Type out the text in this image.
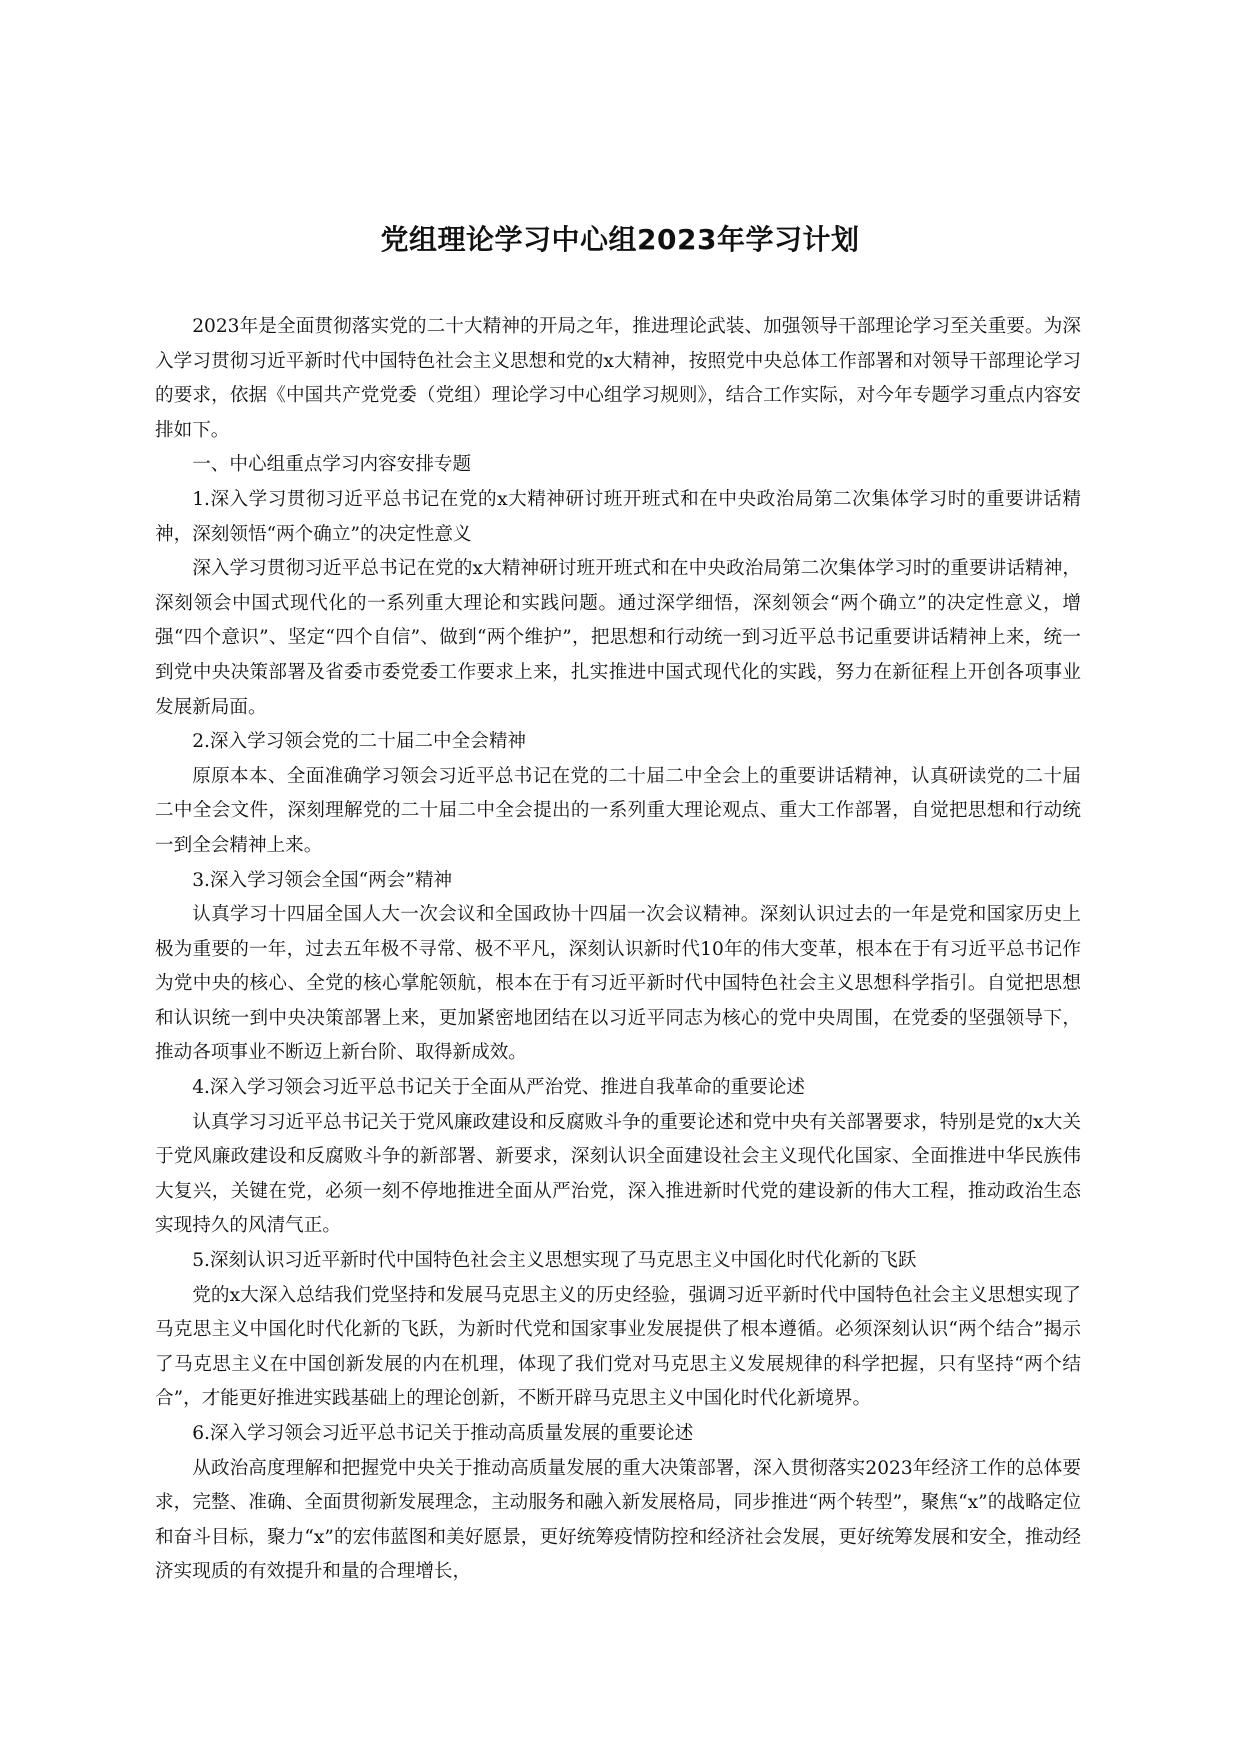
党组理论学习中心组2023年学习计划

2023年是全面贯彻落实党的二十大精神的开局之年，推进理论武装、加强领导干部理论学习至关重要。为深入学习贯彻习近平新时代中国特色社会主义思想和党的x大精神，按照党中央总体工作部署和对领导干部理论学习的要求，依据《中国共产党党委（党组）理论学习中心组学习规则》，结合工作实际，对今年专题学习重点内容安排如下。

一、中心组重点学习内容安排专题

1.深入学习贯彻习近平总书记在党的x大精神研讨班开班式和在中央政治局第二次集体学习时的重要讲话精神，深刻领悟“两个确立”的决定性意义

深入学习贯彻习近平总书记在党的x大精神研讨班开班式和在中央政治局第二次集体学习时的重要讲话精神，深刻领会中国式现代化的一系列重大理论和实践问题。通过深学细悟，深刻领会“两个确立”的决定性意义，增强“四个意识”、坚定“四个自信”、做到“两个维护”，把思想和行动统一到习近平总书记重要讲话精神上来，统一到党中央决策部署及省委市委党委工作要求上来，扎实推进中国式现代化的实践，努力在新征程上开创各项事业发展新局面。

2.深入学习领会党的二十届二中全会精神

原原本本、全面准确学习领会习近平总书记在党的二十届二中全会上的重要讲话精神，认真研读党的二十届二中全会文件，深刻理解党的二十届二中全会提出的一系列重大理论观点、重大工作部署，自觉把思想和行动统一到全会精神上来。

3.深入学习领会全国“两会”精神

认真学习十四届全国人大一次会议和全国政协十四届一次会议精神。深刻认识过去的一年是党和国家历史上极为重要的一年，过去五年极不寻常、极不平凡，深刻认识新时代10年的伟大变革，根本在于有习近平总书记作为党中央的核心、全党的核心掌舵领航，根本在于有习近平新时代中国特色社会主义思想科学指引。自觉把思想和认识统一到中央决策部署上来，更加紧密地团结在以习近平同志为核心的党中央周围，在党委的坚强领导下，推动各项事业不断迈上新台阶、取得新成效。

4.深入学习领会习近平总书记关于全面从严治党、推进自我革命的重要论述

认真学习习近平总书记关于党风廉政建设和反腐败斗争的重要论述和党中央有关部署要求，特别是党的x大关于党风廉政建设和反腐败斗争的新部署、新要求，深刻认识全面建设社会主义现代化国家、全面推进中华民族伟大复兴，关键在党，必须一刻不停地推进全面从严治党，深入推进新时代党的建设新的伟大工程，推动政治生态实现持久的风清气正。

5.深刻认识习近平新时代中国特色社会主义思想实现了马克思主义中国化时代化新的飞跃

党的x大深入总结我们党坚持和发展马克思主义的历史经验，强调习近平新时代中国特色社会主义思想实现了马克思主义中国化时代化新的飞跃，为新时代党和国家事业发展提供了根本遵循。必须深刻认识“两个结合”揭示了马克思主义在中国创新发展的内在机理，体现了我们党对马克思主义发展规律的科学把握，只有坚持“两个结合”，才能更好推进实践基础上的理论创新，不断开辟马克思主义中国化时代化新境界。

6.深入学习领会习近平总书记关于推动高质量发展的重要论述

从政治高度理解和把握党中央关于推动高质量发展的重大决策部署，深入贯彻落实2023年经济工作的总体要求，完整、准确、全面贯彻新发展理念，主动服务和融入新发展格局，同步推进“两个转型”，聚焦“x”的战略定位和奋斗目标，聚力“x”的宏伟蓝图和美好愿景，更好统筹疫情防控和经济社会发展，更好统筹发展和安全，推动经济实现质的有效提升和量的合理增长，
